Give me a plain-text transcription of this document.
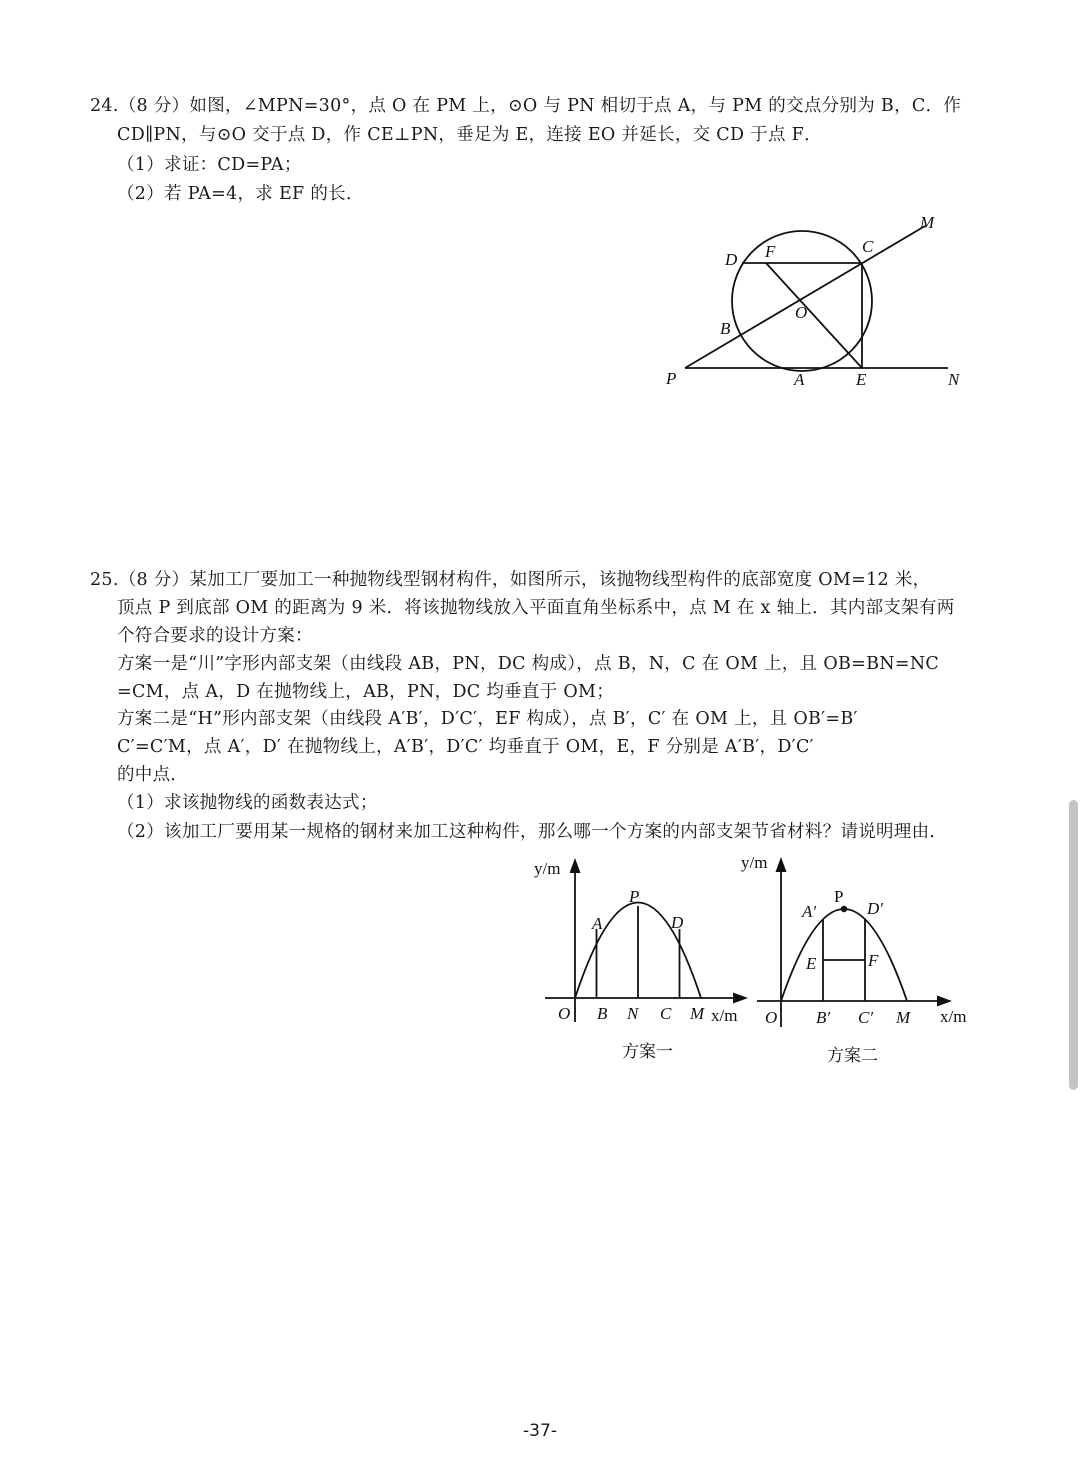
24.（8 分）如图，∠MPN=30°，点 O 在 PM 上，⊙O 与 PN 相切于点 A，与 PM 的交点分别为 B，C．作
CD∥PN，与⊙O 交于点 D，作 CE⊥PN，垂足为 E，连接 EO 并延长，交 CD 于点 F．
（1）求证：CD=PA；
（2）若 PA=4，求 EF 的长．
M
C
D F
O
B
P	A	E	N
25.（8 分）某加工厂要加工一种抛物线型钢材构件，如图所示，该抛物线型构件的底部宽度 OM=12 米，
顶点 P 到底部 OM 的距离为 9 米．将该抛物线放入平面直角坐标系中，点 M 在 x 轴上．其内部支架有两
个符合要求的设计方案：
方案一是“川”字形内部支架（由线段 AB，PN，DC 构成），点 B，N，C 在 OM 上，且 OB=BN=NC
=CM，点 A，D 在抛物线上，AB，PN，DC 均垂直于 OM；
方案二是“H”形内部支架（由线段 A′B′，D′C′，EF 构成），点 B′，C′ 在 OM 上，且 OB′=B′
C′=C′M，点 A′，D′ 在抛物线上，A′B′，D′C′ 均垂直于 OM，E，F 分别是 A′B′，D′C′
的中点．
（1）求该抛物线的函数表达式；
（2）该加工厂要用某一规格的钢材来加工这种构件，那么哪一个方案的内部支架节省材料？请说明理由．
y/m
x/m
O B N C M
A
P
D
方案一
y/m
x/m
O B′ C′ M
A′
P
D′
E	F
方案二
-37-
